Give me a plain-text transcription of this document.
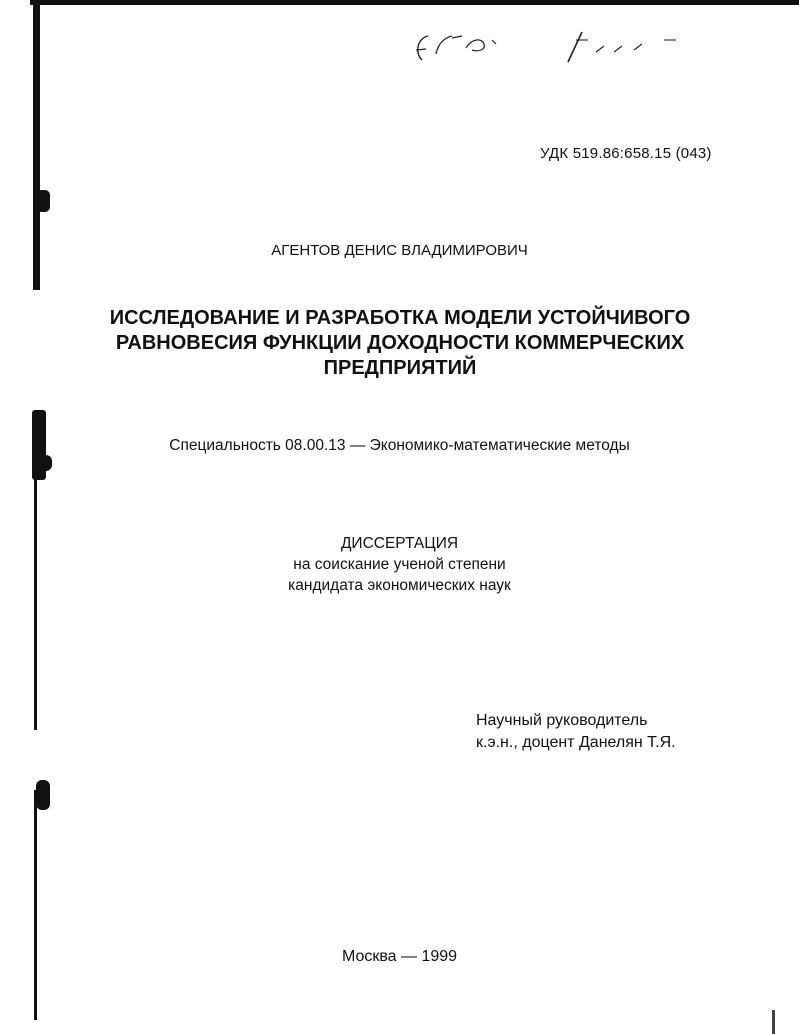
УДК 519.86:658.15 (043)
АГЕНТОВ ДЕНИС ВЛАДИМИРОВИЧ
ИССЛЕДОВАНИЕ И РАЗРАБОТКА МОДЕЛИ УСТОЙЧИВОГО
РАВНОВЕСИЯ ФУНКЦИИ ДОХОДНОСТИ КОММЕРЧЕСКИХ
ПРЕДПРИЯТИЙ
Специальность 08.00.13 — Экономико-математические методы
ДИССЕРТАЦИЯ
на соискание ученой степени
кандидата экономических наук
Научный руководитель
к.э.н., доцент Данелян Т.Я.
Москва — 1999
